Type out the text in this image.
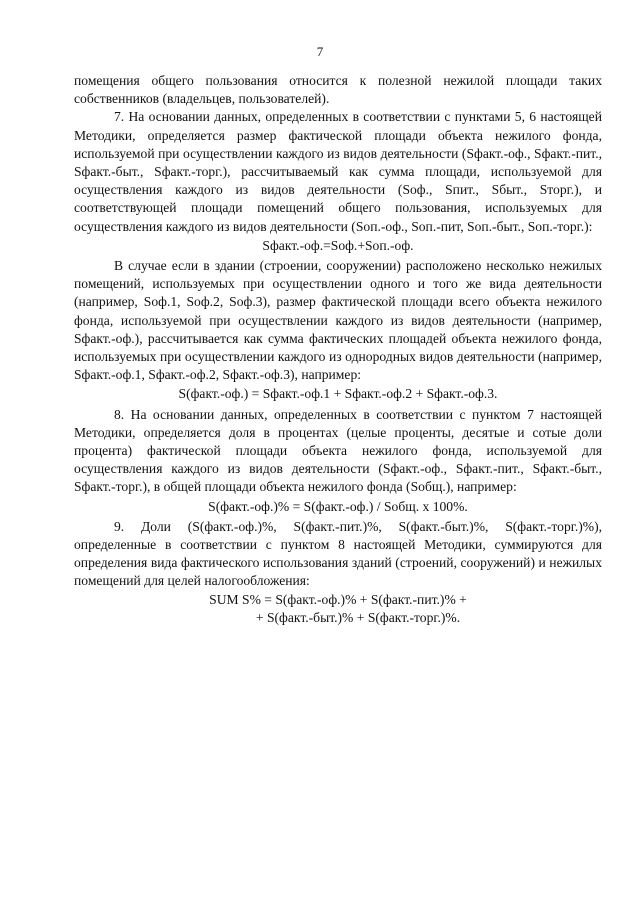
7

помещения общего пользования относится к полезной нежилой площади таких собственников (владельцев, пользователей).

7. На основании данных, определенных в соответствии с пунктами 5, 6 настоящей Методики, определяется размер фактической площади объекта нежилого фонда, используемой при осуществлении каждого из видов деятельности (Sфакт.-оф., Sфакт.-пит., Sфакт.-быт., Sфакт.-торг.), рассчитываемый как сумма площади, используемой для осуществления каждого из видов деятельности (Sоф., Sпит., Sбыт., Sторг.), и соответствующей площади помещений общего пользования, используемых для осуществления каждого из видов деятельности (Sоп.-оф., Sоп.-пит, Sоп.-быт., Sоп.-торг.):

Sфакт.-оф.=Sоф.+Sоп.-оф.

В случае если в здании (строении, сооружении) расположено несколько нежилых помещений, используемых при осуществлении одного и того же вида деятельности (например, Sоф.1, Sоф.2, Sоф.3), размер фактической площади всего объекта нежилого фонда, используемой при осуществлении каждого из видов деятельности (например, Sфакт.-оф.), рассчитывается как сумма фактических площадей объекта нежилого фонда, используемых при осуществлении каждого из однородных видов деятельности (например, Sфакт.-оф.1, Sфакт.-оф.2, Sфакт.-оф.3), например:

S(факт.-оф.) = Sфакт.-оф.1 + Sфакт.-оф.2 + Sфакт.-оф.3.

8. На основании данных, определенных в соответствии с пунктом 7 настоящей Методики, определяется доля в процентах (целые проценты, десятые и сотые доли процента) фактической площади объекта нежилого фонда, используемой для осуществления каждого из видов деятельности (Sфакт.-оф., Sфакт.-пит., Sфакт.-быт., Sфакт.-торг.), в общей площади объекта нежилого фонда (Sобщ.), например:

S(факт.-оф.)% = S(факт.-оф.) / Sобщ. х 100%.

9. Доли (S(факт.-оф.)%, S(факт.-пит.)%, S(факт.-быт.)%, S(факт.-торг.)%), определенные в соответствии с пунктом 8 настоящей Методики, суммируются для определения вида фактического использования зданий (строений, сооружений) и нежилых помещений для целей налогообложения:

SUM S% = S(факт.-оф.)% + S(факт.-пит.)% +
+ S(факт.-быт.)% + S(факт.-торг.)%.
